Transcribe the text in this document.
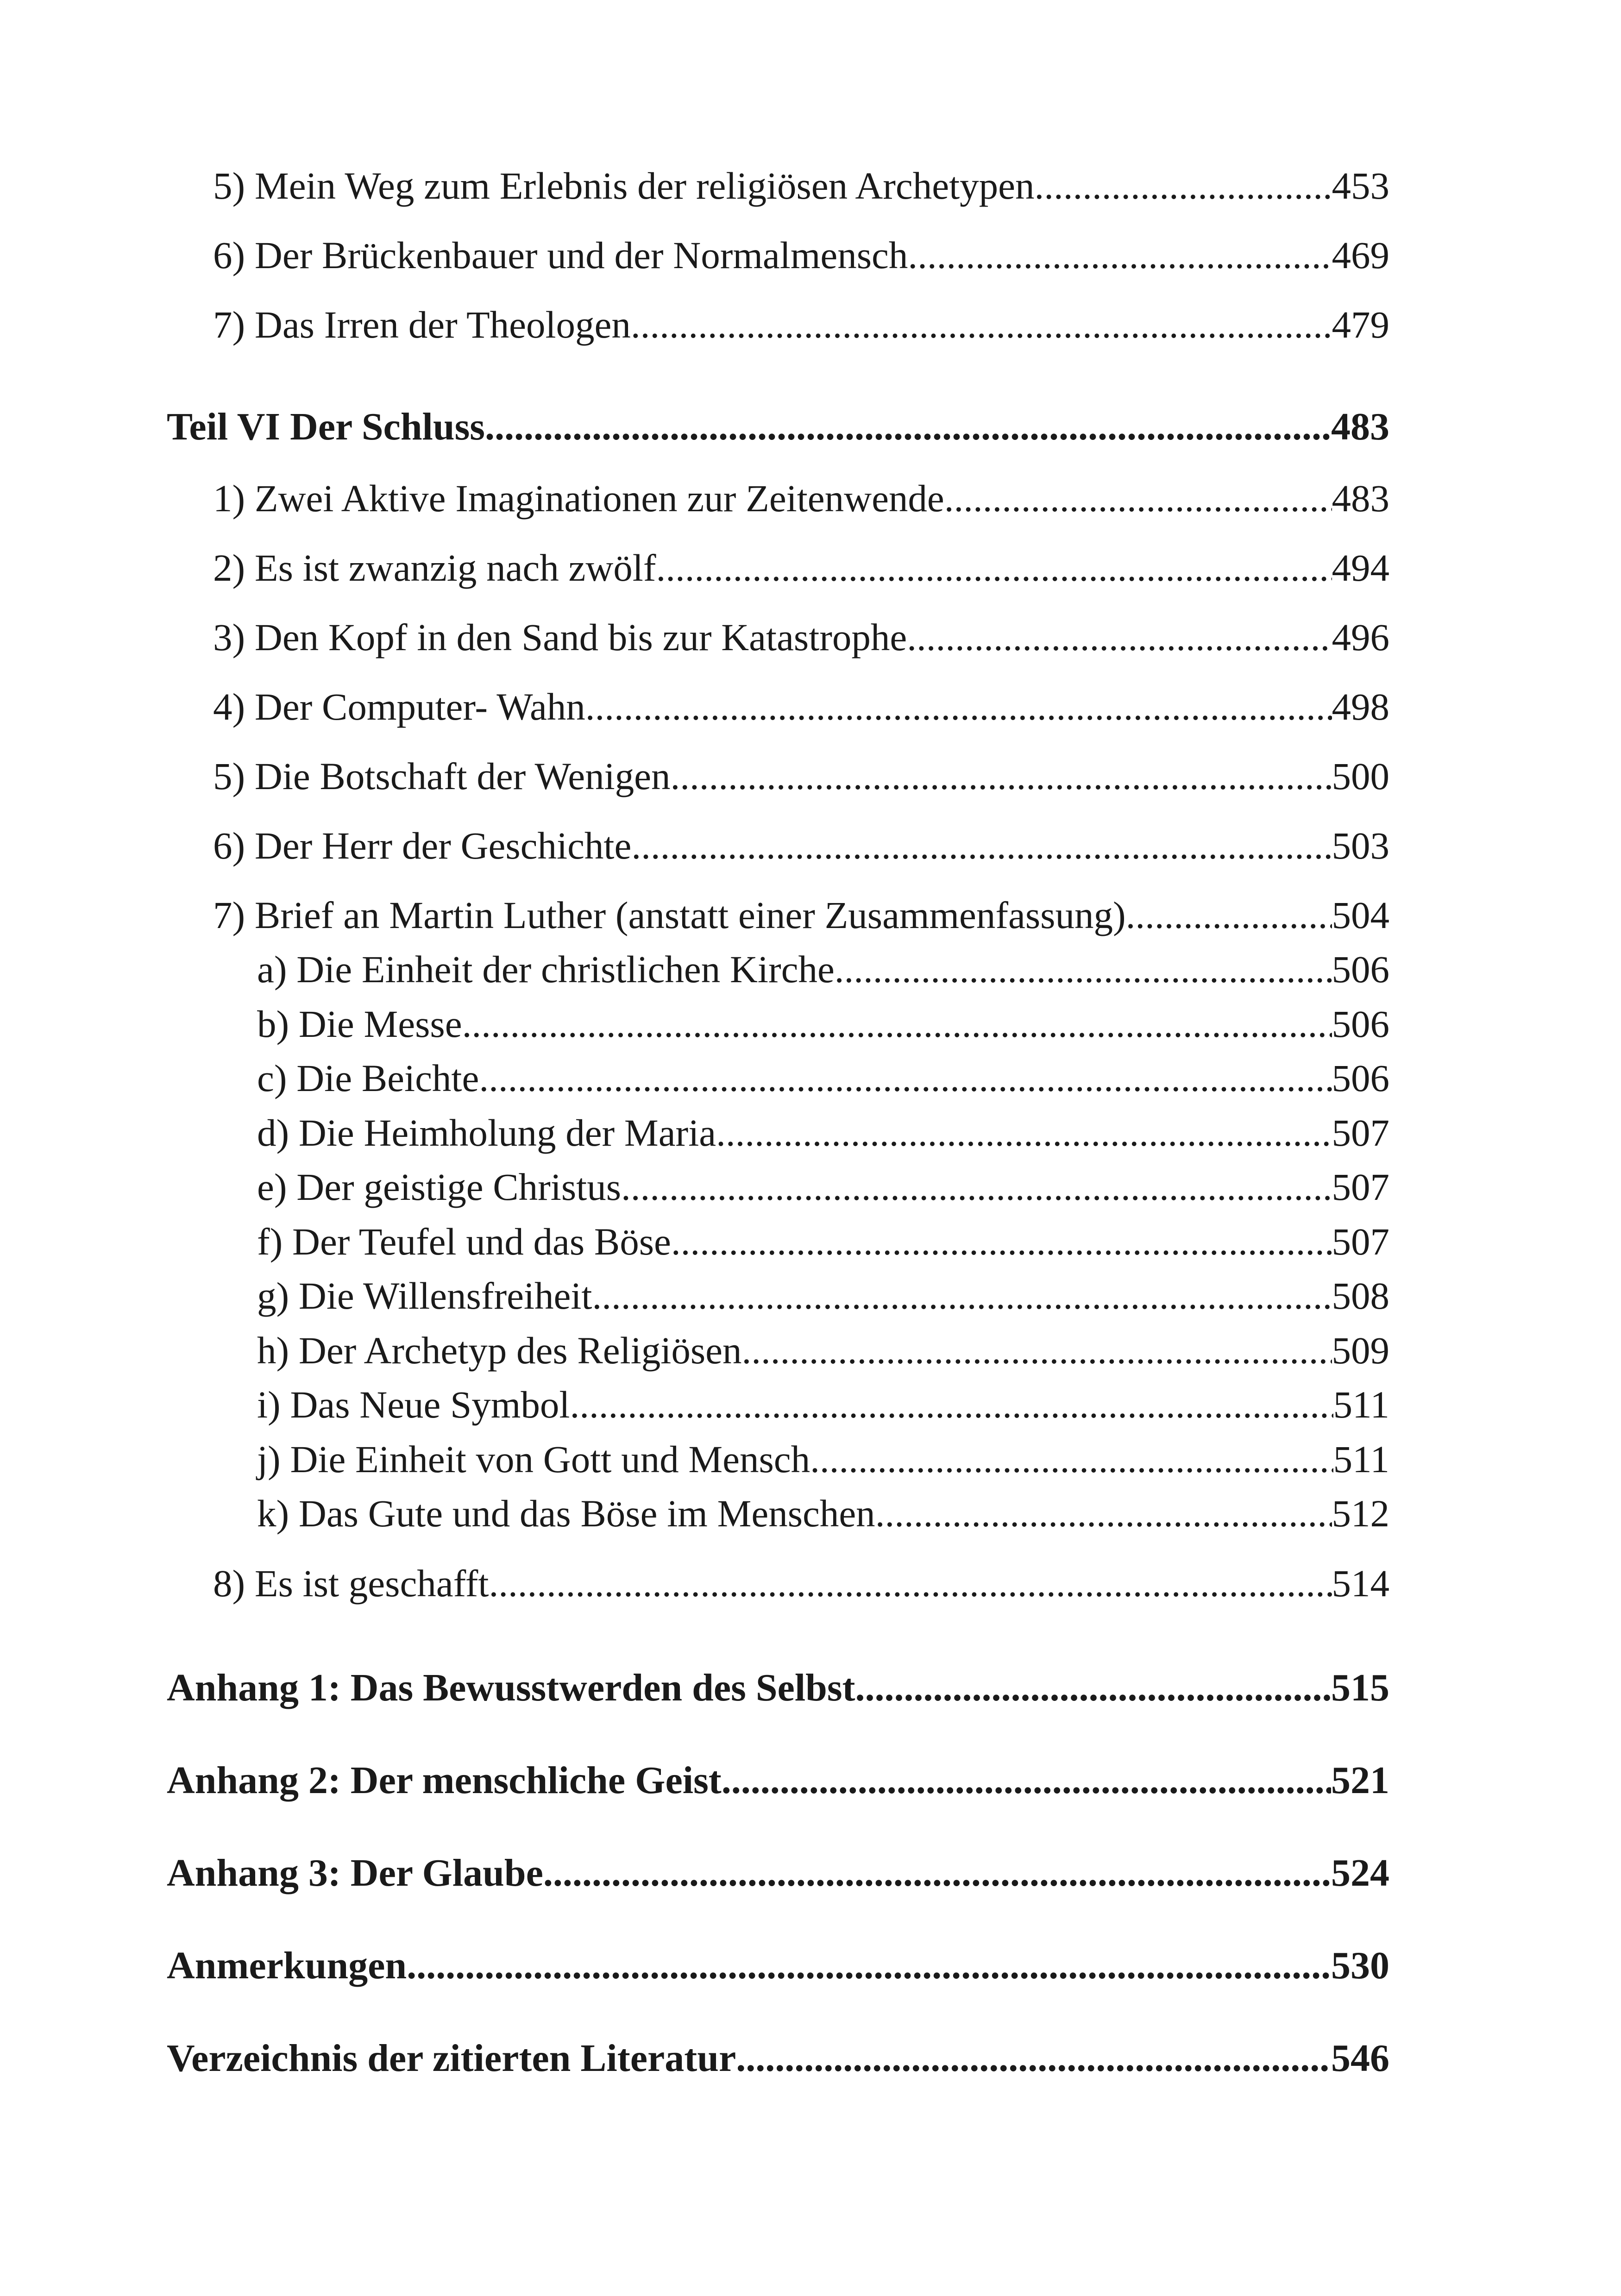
5) Mein Weg zum Erlebnis der religiösen Archetypen .....	453
6) Der Brückenbauer und der Normalmensch .....	469
7) Das Irren der Theologen .....	479
Teil VI Der Schluss .....	483
1) Zwei Aktive Imaginationen zur Zeitenwende .....	483
2) Es ist zwanzig nach zwölf .....	494
3) Den Kopf in den Sand bis zur Katastrophe .....	496
4) Der Computer- Wahn .....	498
5) Die Botschaft der Wenigen .....	500
6) Der Herr der Geschichte .....	503
7) Brief an Martin Luther (anstatt einer Zusammenfassung) .....	504
a) Die Einheit der christlichen Kirche .....	506
b) Die Messe .....	506
c) Die Beichte .....	506
d) Die Heimholung der Maria .....	507
e) Der geistige Christus .....	507
f) Der Teufel und das Böse .....	507
g) Die Willensfreiheit .....	508
h) Der Archetyp des Religiösen .....	509
i) Das Neue Symbol .....	511
j) Die Einheit von Gott und Mensch .....	511
k) Das Gute und das Böse im Menschen .....	512
8) Es ist geschafft .....	514
Anhang 1: Das Bewusstwerden des Selbst .....	515
Anhang 2: Der menschliche Geist .....	521
Anhang 3: Der Glaube .....	524
Anmerkungen .....	530
Verzeichnis der zitierten Literatur .....	546
